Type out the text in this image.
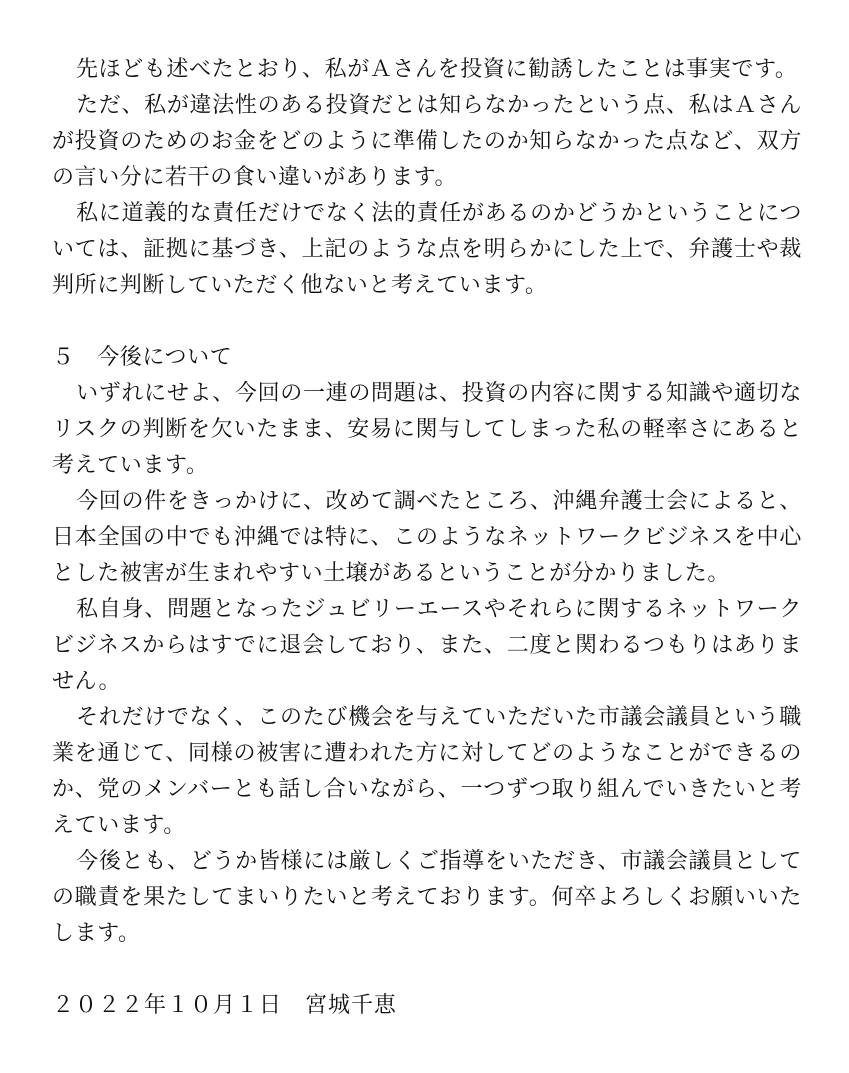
先ほども述べたとおり、私がＡさんを投資に勧誘したことは事実です。
ただ、私が違法性のある投資だとは知らなかったという点、私はＡさん
が投資のためのお金をどのように準備したのか知らなかった点など、双方
の言い分に若干の食い違いがあります。
私に道義的な責任だけでなく法的責任があるのかどうかということにつ
いては、証拠に基づき、上記のような点を明らかにした上で、弁護士や裁
判所に判断していただく他ないと考えています。
５　今後について
いずれにせよ、今回の一連の問題は、投資の内容に関する知識や適切な
リスクの判断を欠いたまま、安易に関与してしまった私の軽率さにあると
考えています。
今回の件をきっかけに、改めて調べたところ、沖縄弁護士会によると、
日本全国の中でも沖縄では特に、このようなネットワークビジネスを中心
とした被害が生まれやすい土壌があるということが分かりました。
私自身、問題となったジュビリーエースやそれらに関するネットワーク
ビジネスからはすでに退会しており、また、二度と関わるつもりはありま
せん。
それだけでなく、このたび機会を与えていただいた市議会議員という職
業を通じて、同様の被害に遭われた方に対してどのようなことができるの
か、党のメンバーとも話し合いながら、一つずつ取り組んでいきたいと考
えています。
今後とも、どうか皆様には厳しくご指導をいただき、市議会議員として
の職責を果たしてまいりたいと考えております。何卒よろしくお願いいた
します。
２０２２年１０月１日　宮城千恵
